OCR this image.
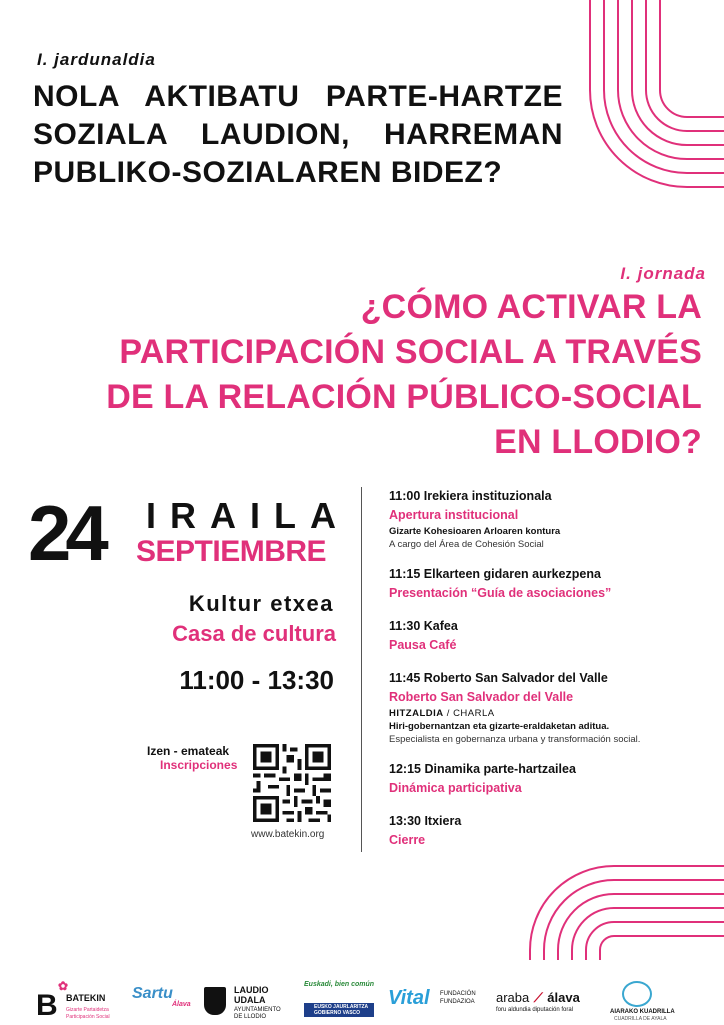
I. jardunaldia
NOLA AKTIBATU PARTE-HARTZE SOZIALA LAUDION, HARREMAN PUBLIKO-SOZIALAREN BIDEZ?
I. jornada
¿CÓMO ACTIVAR LA PARTICIPACIÓN SOCIAL A TRAVÉS DE LA RELACIÓN PÚBLICO-SOCIAL EN LLODIO?
24 IRAILA
SEPTIEMBRE
Kultur etxea
Casa de cultura
11:00 - 13:30
Izen - emateak
Inscripciones
www.batekin.org
11:00 Irekiera instituzionala
Apertura institucional
Gizarte Kohesioaren Arloaren kontura
A cargo del Área de Cohesión Social
11:15 Elkarteen gidaren aurkezpena
Presentación “Guía de asociaciones”
11:30 Kafea
Pausa Café
11:45 Roberto San Salvador del Valle
Roberto San Salvador del Valle
HITZALDIA / CHARLA
Hiri-gobernantzan eta gizarte-eraldaketan aditua.
Especialista en gobernanza urbana y transformación social.
12:15 Dinamika parte-hartzailea
Dinámica participativa
13:30 Itxiera
Cierre
B
✿
BATEKIN
Gizarte Partaidetza
Participación Social
Sartu
Álava
LAUDIO
UDALA
AYUNTAMIENTO
DE LLODIO
Euskadi, bien común
EUSKO JAURLARITZA
GOBIERNO VASCO
Vital FUNDACIÓN
FUNDAZIOA araba ⟋ álava
foru aldundia diputación foral	AIARAKO KUADRILLA
CUADRILLA DE AYALA
